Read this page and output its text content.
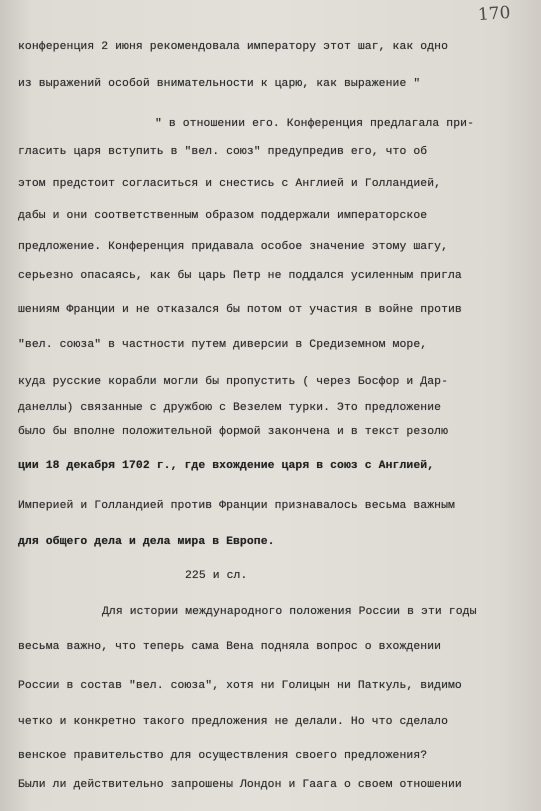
170
конференция 2 июня рекомендовала императору этот шаг, как одно
из выражений особой внимательности к царю, как выражение "
" в отношении его. Конференция предлагала при-
гласить царя вступить в "вел. союз" предупредив его, что об
этом предстоит согласиться и снестись с Англией и Голландией,
дабы и они соответственным образом поддержали императорское
предложение. Конференция придавала особое значение этому шагу,
серьезно опасаясь, как бы царь Петр не поддался усиленным пригла
шениям Франции и не отказался бы потом от участия в войне против
"вел. союза" в частности путем диверсии в Средиземном море,
куда русские корабли могли бы пропустить ( через Босфор и Дар-
данеллы) связанные с дружбою с Везелем турки. Это предложение
было бы вполне положительной формой закончена и в текст резолю
ции 18 декабря 1702 г., где вхождение царя в союз с Англией,
Империей и Голландией против Франции признавалось весьма важным
для общего дела и дела мира в Европе.
225 и сл.
Для истории международного положения России в эти годы
весьма важно, что теперь сама Вена подняла вопрос о вхождении
России в состав "вел. союза", хотя ни Голицын ни Паткуль, видимо
четко и конкретно такого предложения не делали. Но что сделало
венское правительство для осуществления своего предложения?
Были ли действительно запрошены Лондон и Гаага о своем отношении
